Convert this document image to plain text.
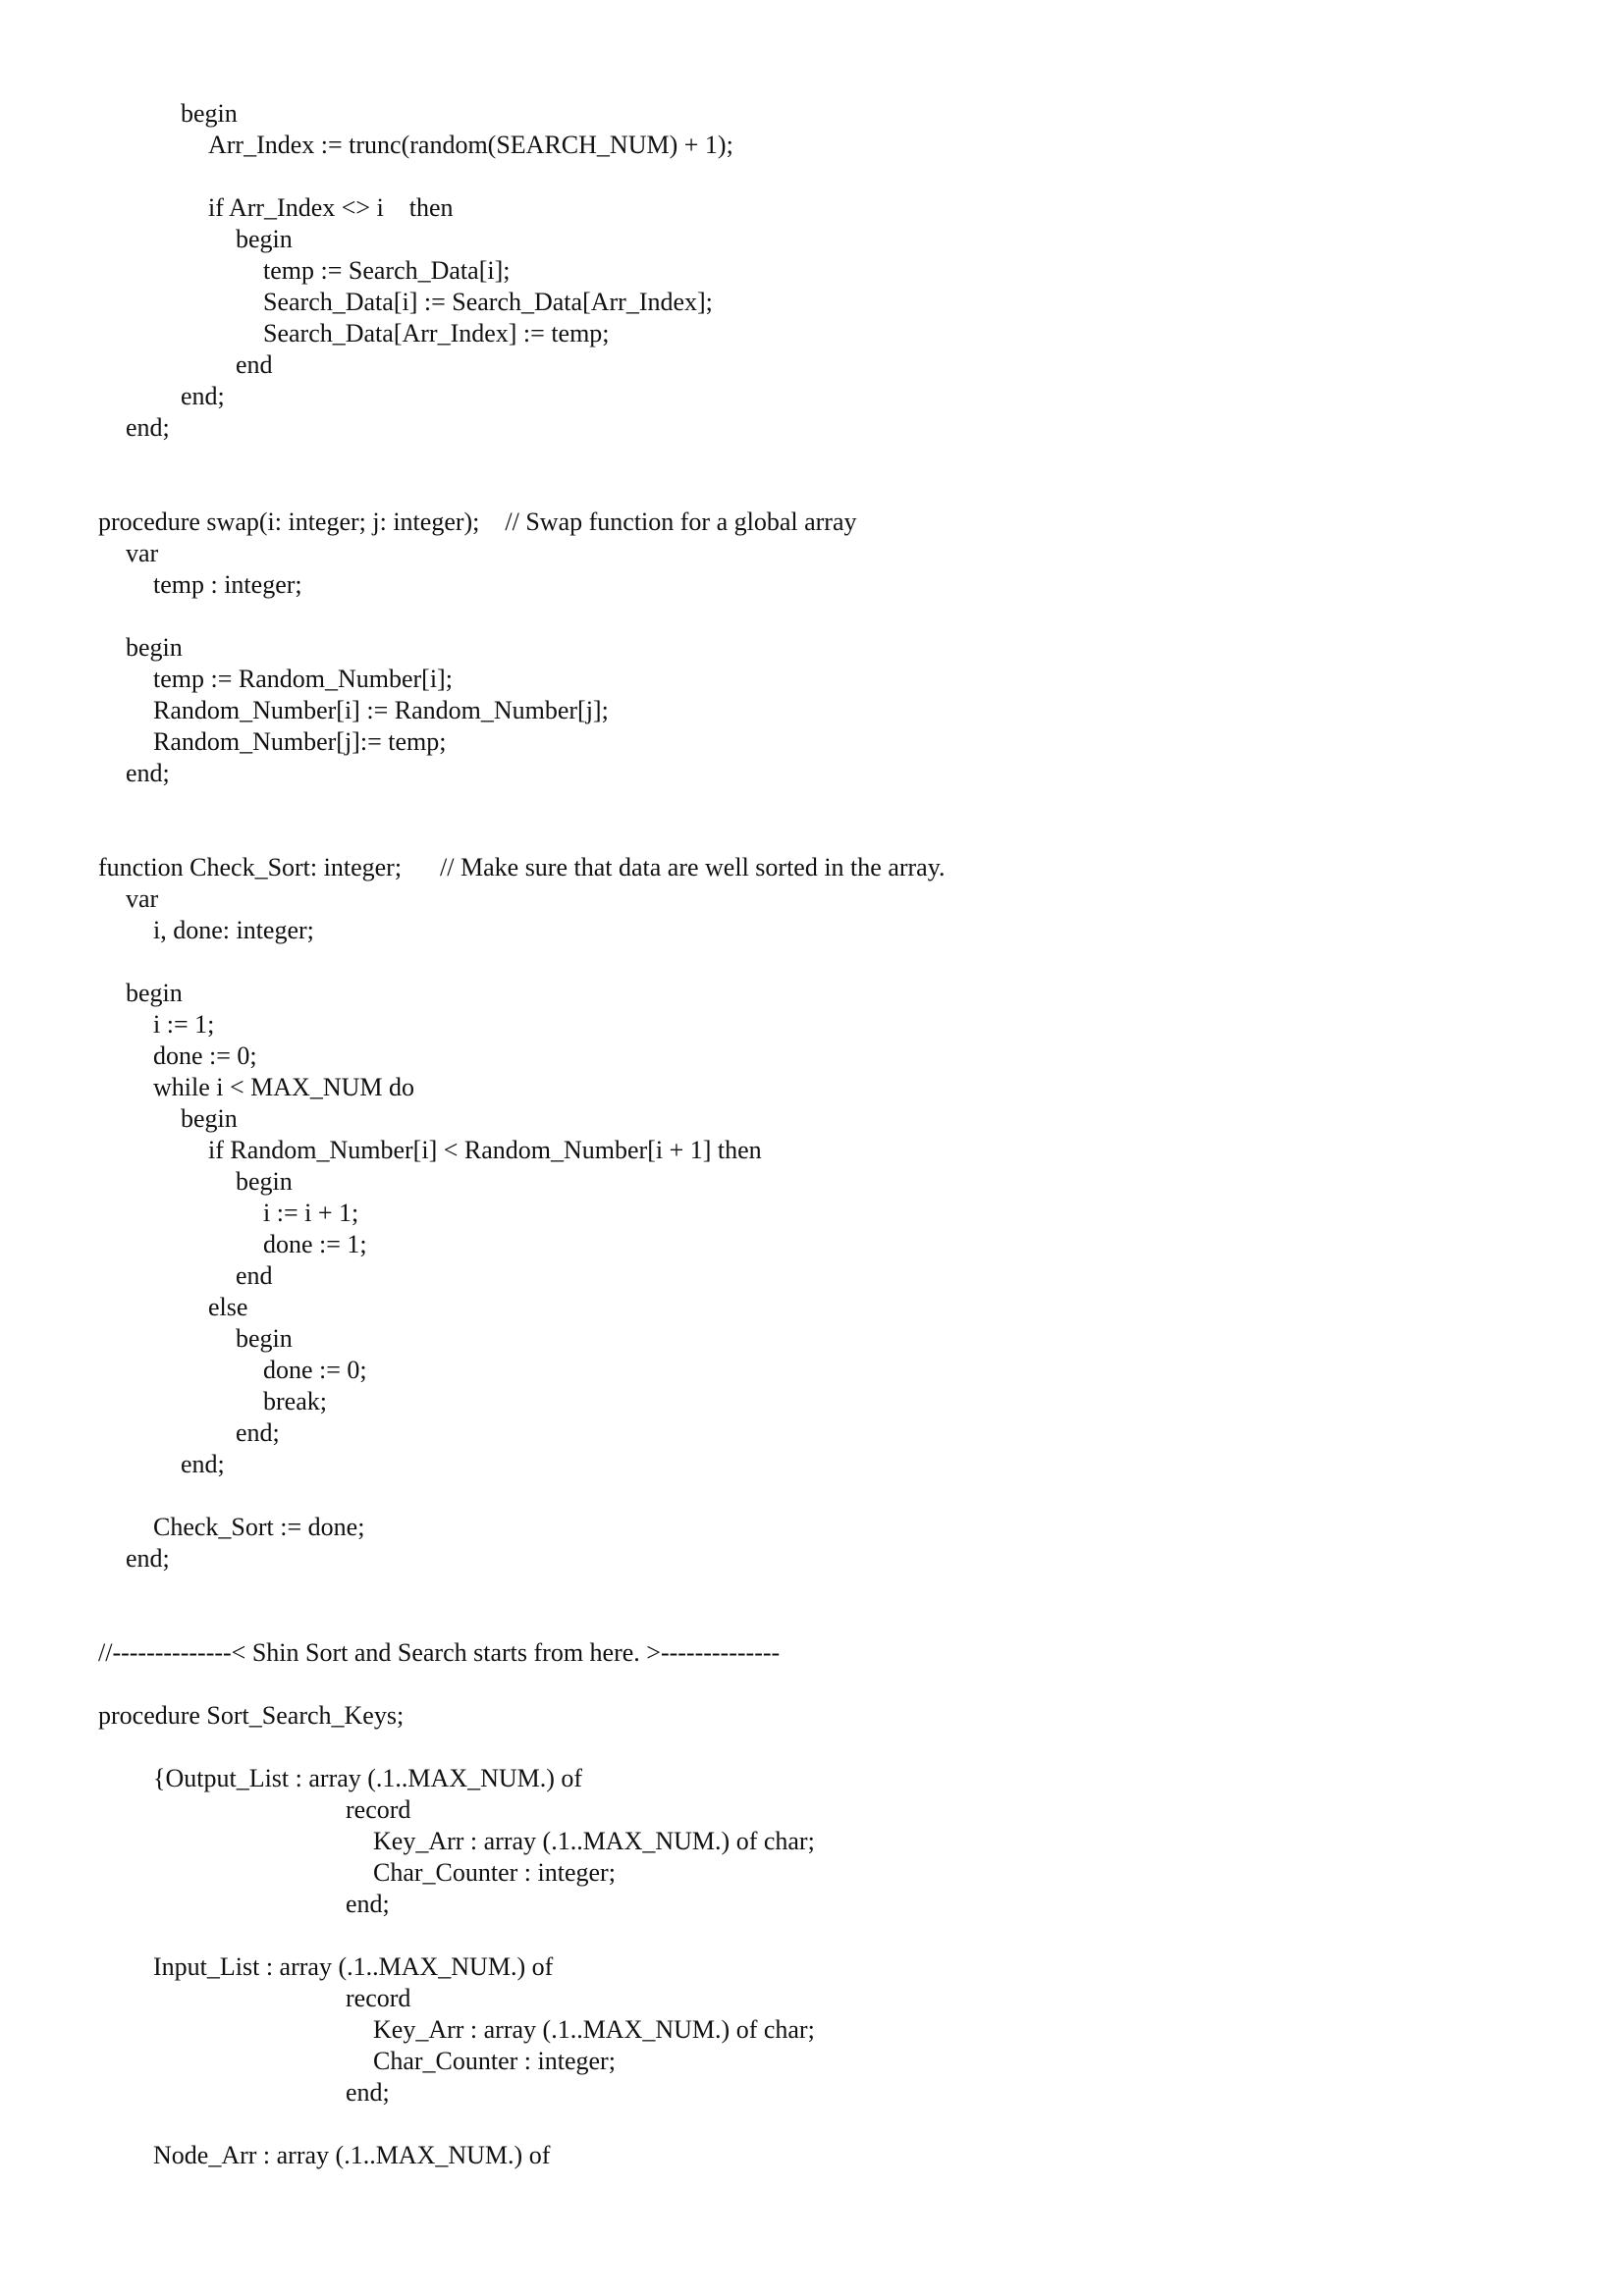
begin
Arr_Index := trunc(random(SEARCH_NUM) + 1);
if Arr_Index <> i    then
begin
temp := Search_Data[i];
Search_Data[i] := Search_Data[Arr_Index];
Search_Data[Arr_Index] := temp;
end
end;
end;
procedure swap(i: integer; j: integer);    // Swap function for a global array
var
temp : integer;
begin
temp := Random_Number[i];
Random_Number[i] := Random_Number[j];
Random_Number[j]:= temp;
end;
function Check_Sort: integer;      // Make sure that data are well sorted in the array.
var
i, done: integer;
begin
i := 1;
done := 0;
while i < MAX_NUM do
begin
if Random_Number[i] < Random_Number[i + 1] then
begin
i := i + 1;
done := 1;
end
else
begin
done := 0;
break;
end;
end;
Check_Sort := done;
end;
//--------------< Shin Sort and Search starts from here. >--------------
procedure Sort_Search_Keys;
{Output_List : array (.1..MAX_NUM.) of
record
Key_Arr : array (.1..MAX_NUM.) of char;
Char_Counter : integer;
end;
Input_List : array (.1..MAX_NUM.) of
record
Key_Arr : array (.1..MAX_NUM.) of char;
Char_Counter : integer;
end;
Node_Arr : array (.1..MAX_NUM.) of
